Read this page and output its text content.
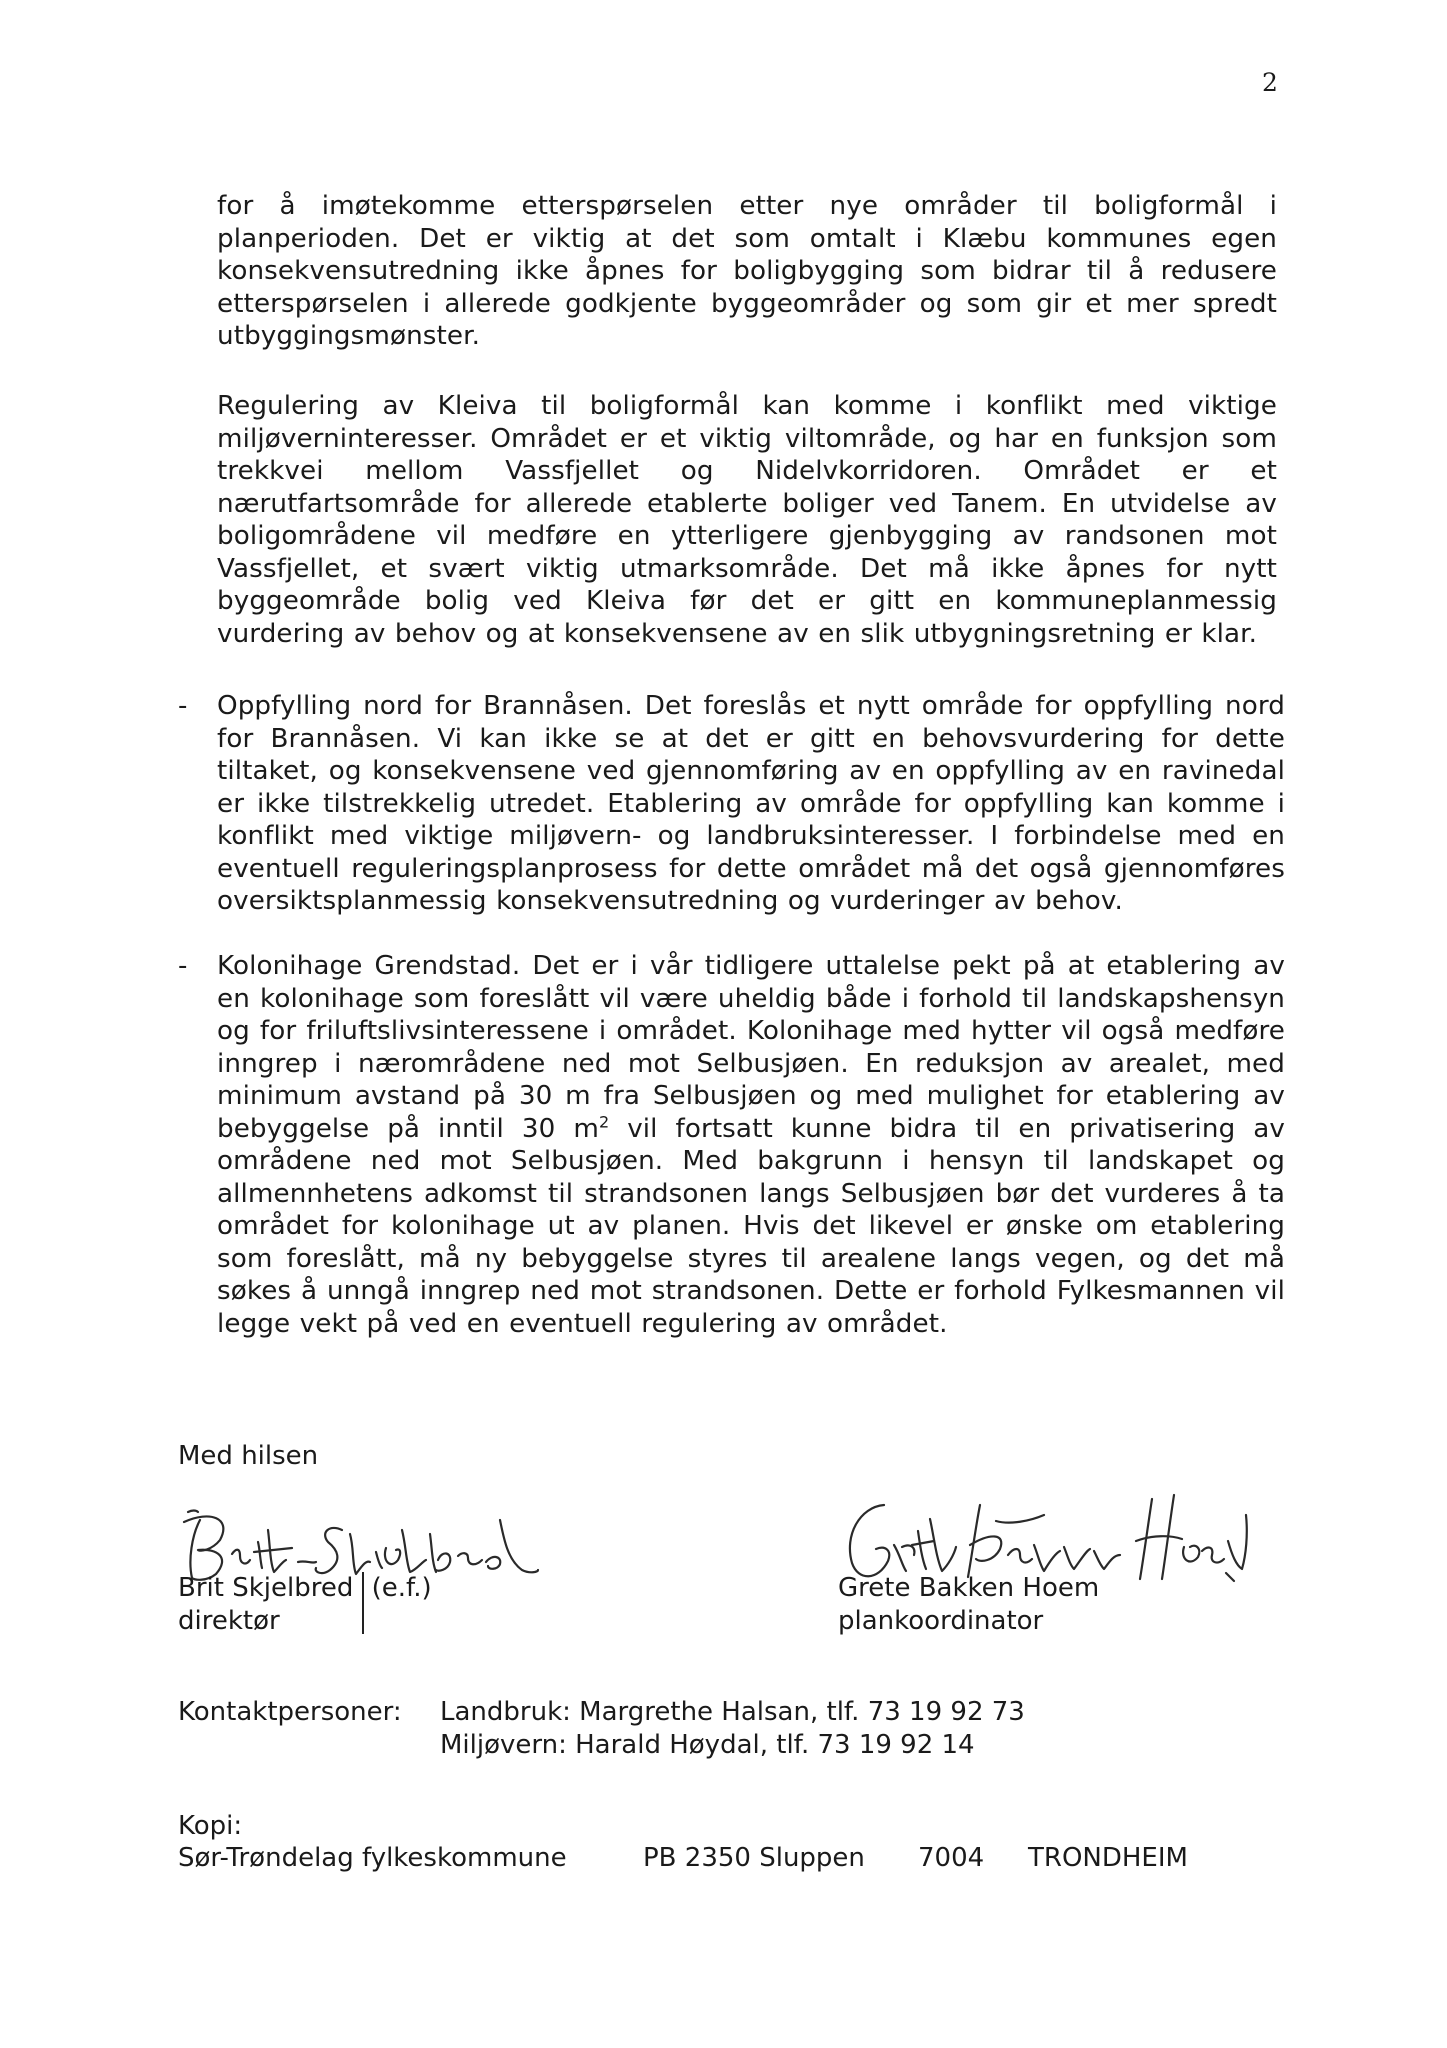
2

for å imøtekomme etterspørselen etter nye områder til boligformål i planperioden. Det er viktig at det som omtalt i Klæbu kommunes egen konsekvensutredning ikke åpnes for boligbygging som bidrar til å redusere etterspørselen i allerede godkjente byggeområder og som gir et mer spredt utbyggingsmønster.

Regulering av Kleiva til boligformål kan komme i konflikt med viktige miljøverninteresser. Området er et viktig viltområde, og har en funksjon som trekkvei mellom Vassfjellet og Nidelvkorridoren. Området er et nærutfartsområde for allerede etablerte boliger ved Tanem. En utvidelse av boligområdene vil medføre en ytterligere gjenbygging av randsonen mot Vassfjellet, et svært viktig utmarksområde. Det må ikke åpnes for nytt byggeområde bolig ved Kleiva før det er gitt en kommuneplanmessig vurdering av behov og at konsekvensene av en slik utbygningsretning er klar.

- Oppfylling nord for Brannåsen. Det foreslås et nytt område for oppfylling nord for Brannåsen. Vi kan ikke se at det er gitt en behovsvurdering for dette tiltaket, og konsekvensene ved gjennomføring av en oppfylling av en ravinedal er ikke tilstrekkelig utredet. Etablering av område for oppfylling kan komme i konflikt med viktige miljøvern- og landbruksinteresser. I forbindelse med en eventuell reguleringsplanprosess for dette området må det også gjennomføres oversiktsplanmessig konsekvensutredning og vurderinger av behov.

- Kolonihage Grendstad. Det er i vår tidligere uttalelse pekt på at etablering av en kolonihage som foreslått vil være uheldig både i forhold til landskapshensyn og for friluftslivsinteressene i området. Kolonihage med hytter vil også medføre inngrep i nærområdene ned mot Selbusjøen. En reduksjon av arealet, med minimum avstand på 30 m fra Selbusjøen og med mulighet for etablering av bebyggelse på inntil 30 $m^2$ vil fortsatt kunne bidra til en privatisering av områdene ned mot Selbusjøen. Med bakgrunn i hensyn til landskapet og allmennhetens adkomst til strandsonen langs Selbusjøen bør det vurderes å ta området for kolonihage ut av planen. Hvis det likevel er ønske om etablering som foreslått, må ny bebyggelse styres til arealene langs vegen, og det må søkes å unngå inngrep ned mot strandsonen. Dette er forhold Fylkesmannen vil legge vekt på ved en eventuell regulering av området.

Med hilsen
Brit Skjelbred (e.f.)
direktør
Grete Bakken Hoem
plankoordinator
Kontaktpersoner: Landbruk: Margrethe Halsan, tlf. 73 19 92 73
Miljøvern: Harald Høydal, tlf. 73 19 92 14
Kopi:
Sør-Trøndelag fylkeskommune	PB 2350 Sluppen 7004 TRONDHEIM
